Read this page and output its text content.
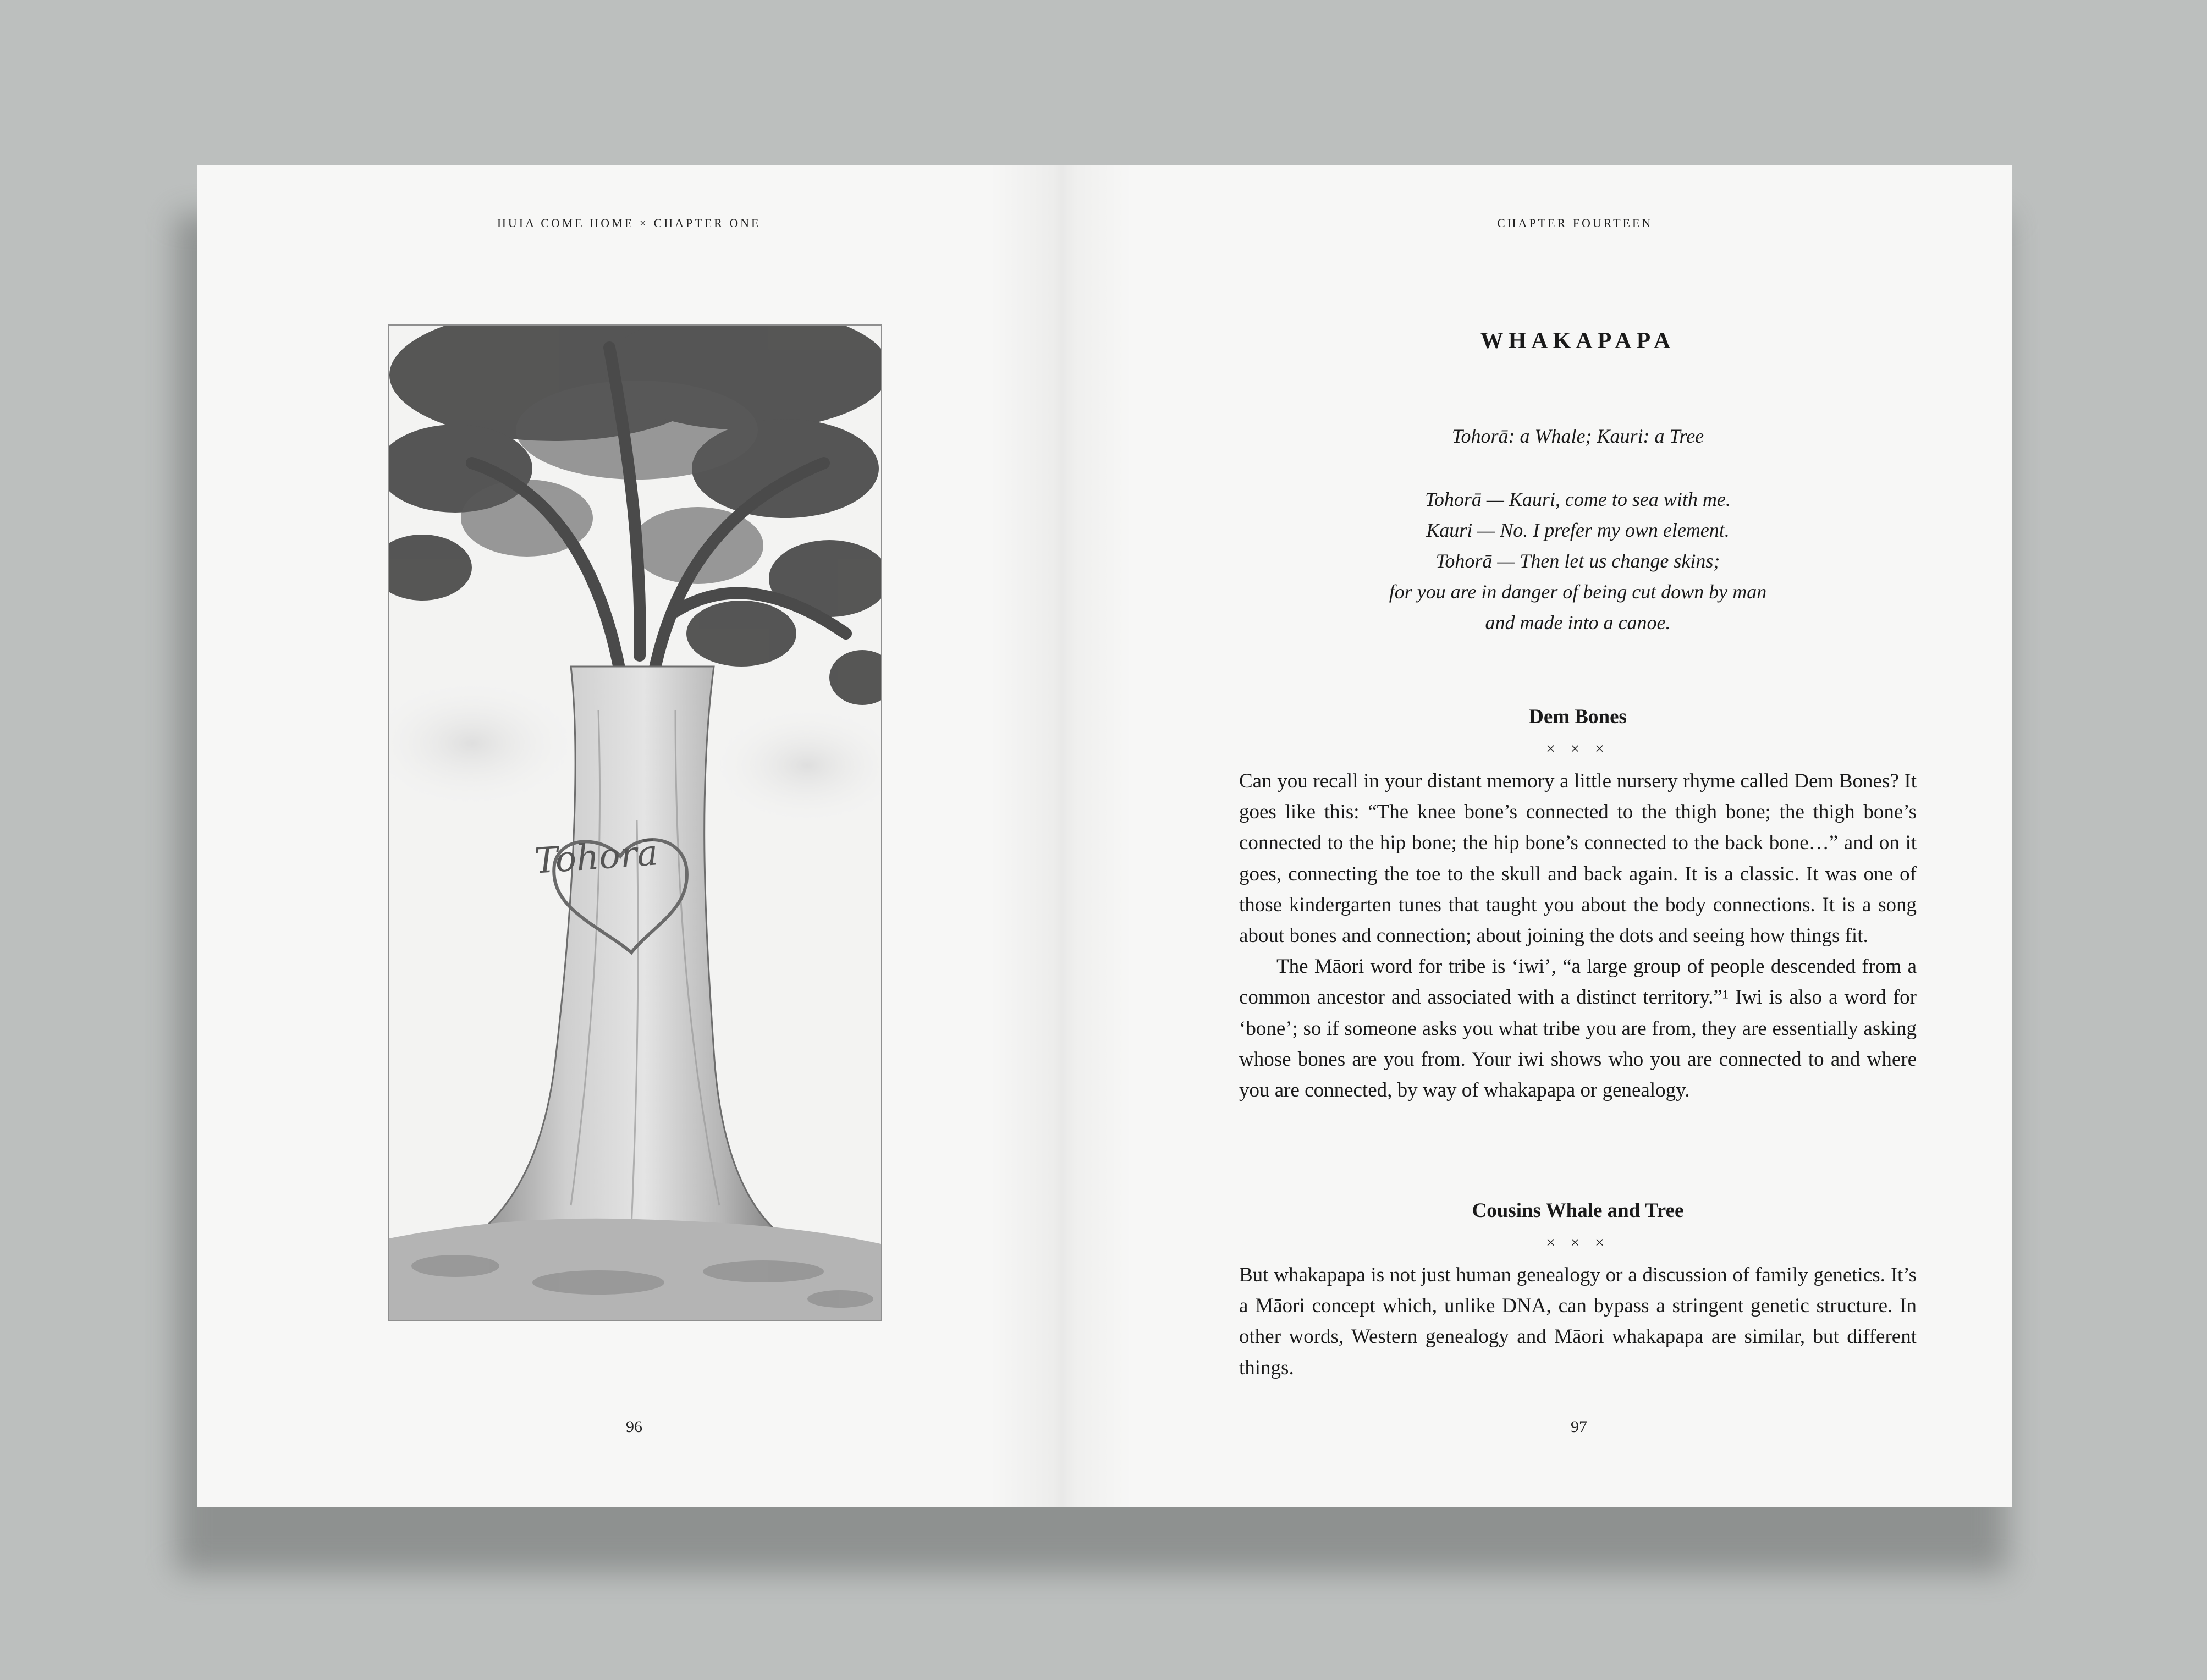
HUIA COME HOME × CHAPTER ONE
Tohorā
96
CHAPTER FOURTEEN
WHAKAPAPA
Tohorā: a Whale; Kauri: a Tree
Tohorā — Kauri, come to sea with me.
Kauri — No. I prefer my own element.
Tohorā — Then let us change skins;
for you are in danger of being cut down by man
and made into a canoe.
Dem Bones
× × ×

Can you recall in your distant memory a little nursery rhyme called Dem Bones? It goes like this: “The knee bone’s connected to the thigh bone; the thigh bone’s connected to the hip bone; the hip bone’s connected to the back bone…” and on it goes, connecting the toe to the skull and back again. It is a classic. It was one of those kindergarten tunes that taught you about the body connections. It is a song about bones and connection; about joining the dots and seeing how things fit.

The Māori word for tribe is ‘iwi’, “a large group of people descended from a common ancestor and associated with a distinct territory.”¹ Iwi is also a word for ‘bone’; so if someone asks you what tribe you are from, they are essentially asking whose bones are you from. Your iwi shows who you are connected to and where you are connected, by way of whakapapa or genealogy.

Cousins Whale and Tree
× × ×

But whakapapa is not just human genealogy or a discussion of family genetics. It’s a Māori concept which, unlike DNA, can bypass a stringent genetic structure. In other words, Western genealogy and Māori whakapapa are similar, but different things.

97
